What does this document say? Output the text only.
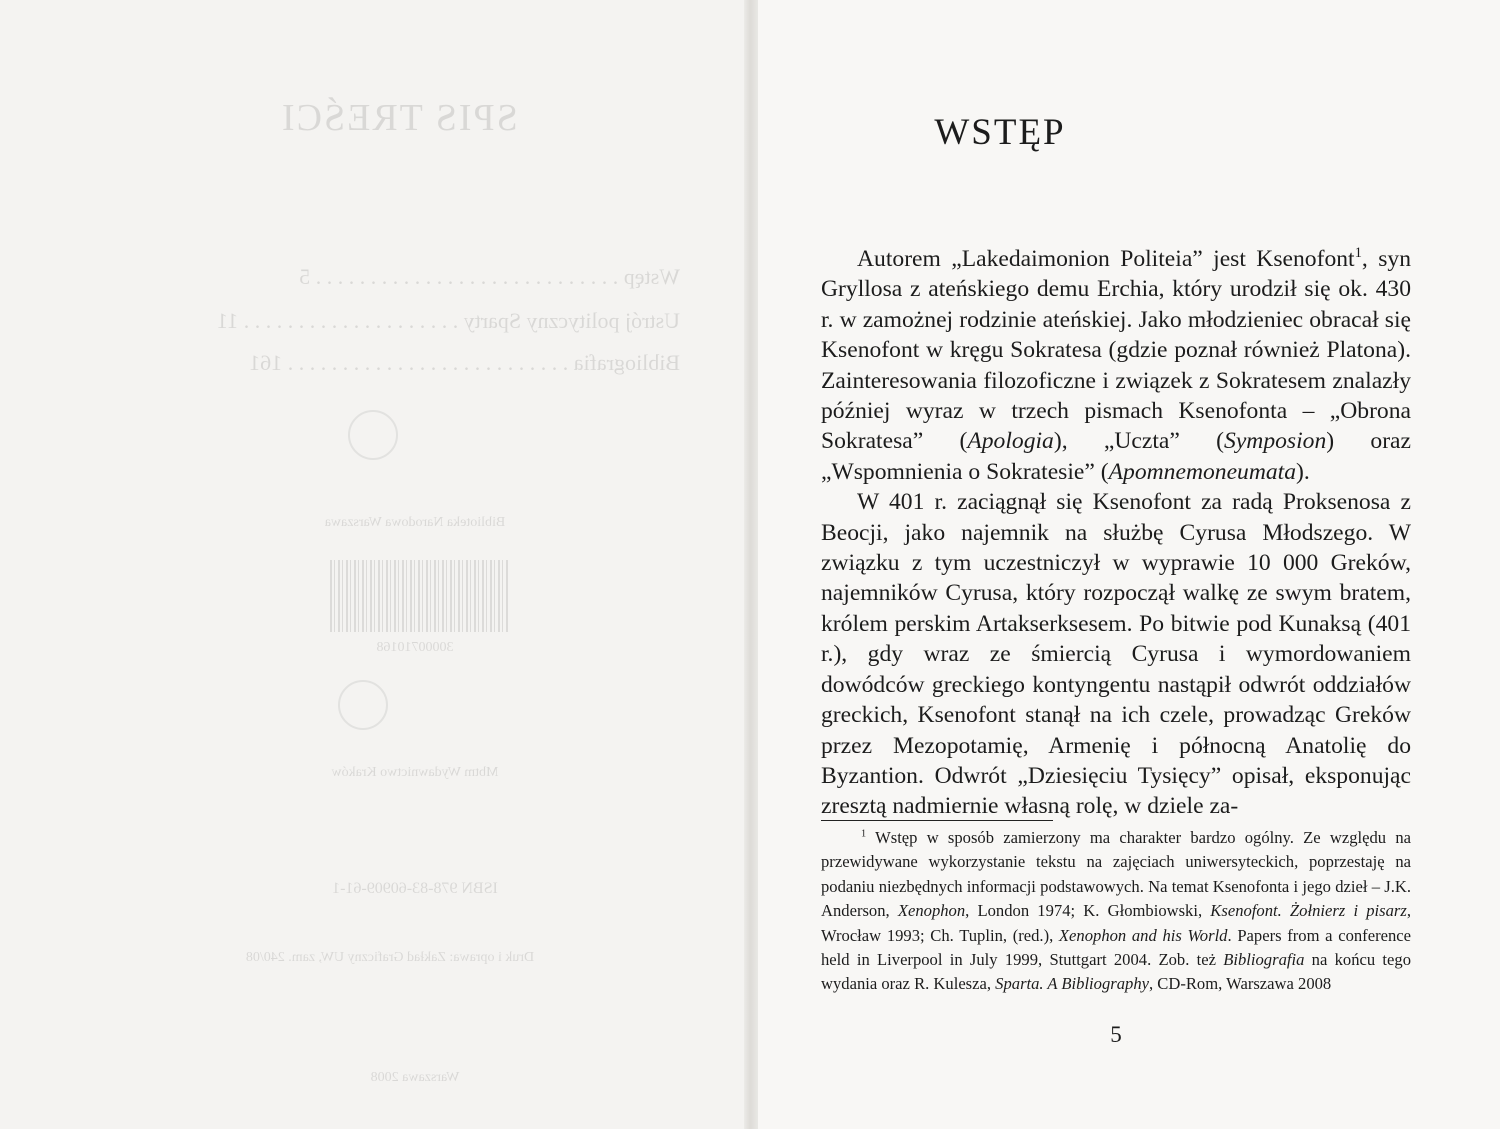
SPIS TREŚCI
Wstęp . . . . . . . . . . . . . . . . . . . . . . . . . . . . 5
Ustrój polityczny Sparty . . . . . . . . . . . . . . . . . . . . 11
Bibliografia . . . . . . . . . . . . . . . . . . . . . . . . . . 161
Biblioteka Narodowa Warszawa
30000710168
Mbtm Wydawnictwo Kraków
ISBN 978-83-60909-61-1
Druk i oprawa: Zakład Graficzny UW, zam. 240/08
Warszawa 2008
WSTĘP

Autorem „Lakedaimonion Politeia” jest Ksenofont$^1$, syn Gryllosa z ateńskiego demu Erchia, który urodził się ok. 430 r. w zamożnej rodzinie ateńskiej. Jako młodzieniec obracał się Ksenofont w kręgu Sokratesa (gdzie poznał również Platona). Zainteresowania filozoficzne i związek z Sokratesem znalazły później wyraz w trzech pismach Ksenofonta – „Obrona Sokratesa” (Apologia), „Uczta” (Symposion) oraz „Wspomnienia o Sokratesie” (Apomnemoneumata).

W 401 r. zaciągnął się Ksenofont za radą Proksenosa z Beocji, jako najemnik na służbę Cyrusa Młodszego. W związku z tym uczestniczył w wyprawie 10 000 Greków, najemników Cyrusa, który rozpoczął walkę ze swym bratem, królem perskim Artakserksesem. Po bitwie pod Kunaksą (401 r.), gdy wraz ze śmiercią Cyrusa i wymordowaniem dowódców greckiego kontyngentu nastąpił odwrót oddziałów greckich, Ksenofont stanął na ich czele, prowadząc Greków przez Mezopotamię, Armenię i północną Anatolię do Byzantion. Odwrót „Dziesięciu Tysięcy” opisał, eksponując zresztą nadmiernie własną rolę, w dziele za-

$^1$ Wstęp w sposób zamierzony ma charakter bardzo ogólny. Ze względu na przewidywane wykorzystanie tekstu na zajęciach uniwersyteckich, poprzestaję na podaniu niezbędnych informacji podstawowych. Na temat Ksenofonta i jego dzieł – J.K. Anderson, Xenophon, London 1974; K. Głombiowski, Ksenofont. Żołnierz i pisarz, Wrocław 1993; Ch. Tuplin, (red.), Xenophon and his World. Papers from a conference held in Liverpool in July 1999, Stuttgart 2004. Zob. też Bibliografia na końcu tego wydania oraz R. Kulesza, Sparta. A Bibliography, CD-Rom, Warszawa 2008

5
